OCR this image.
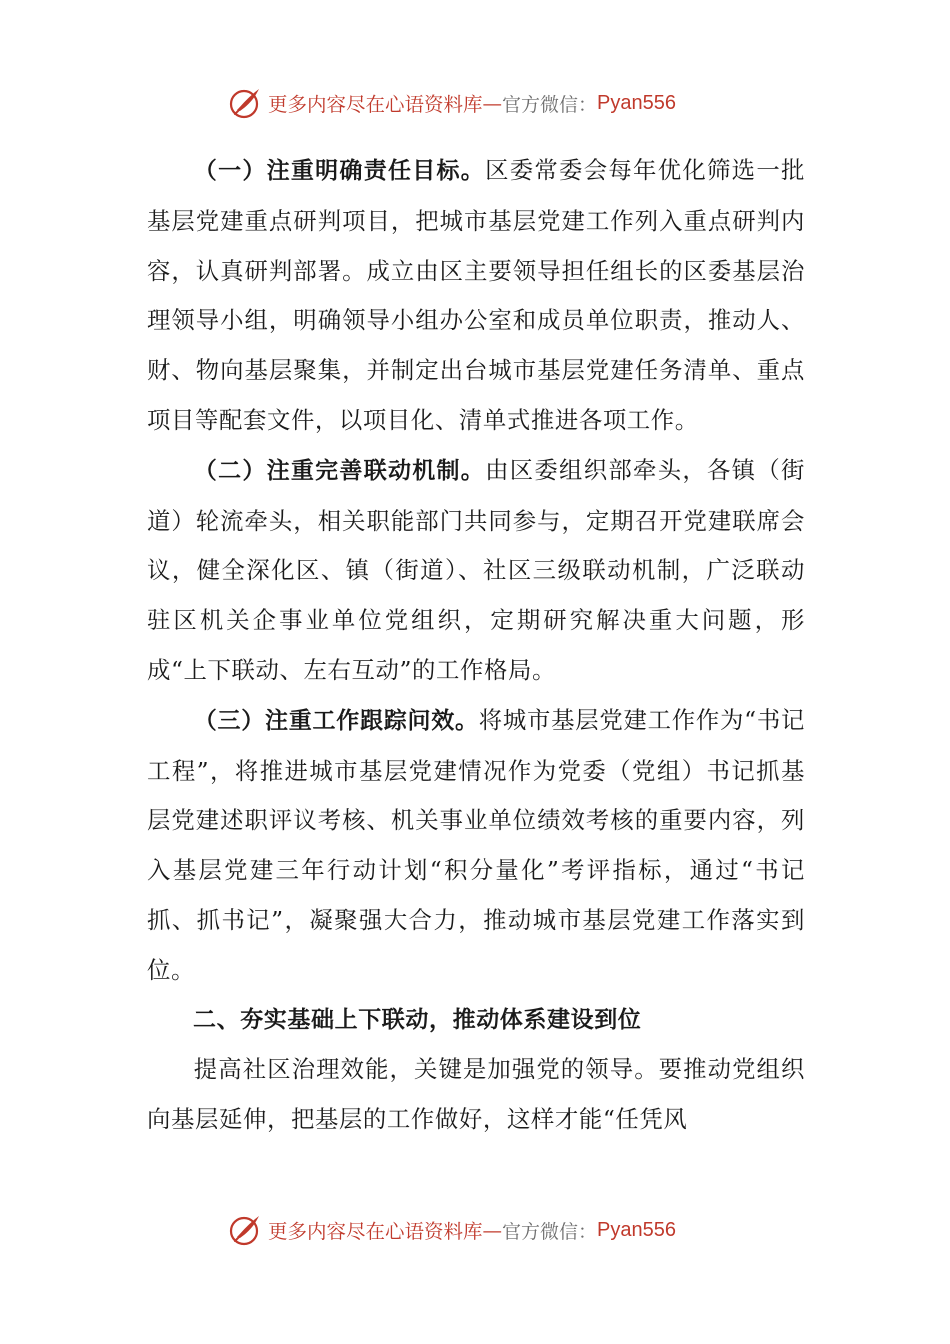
更多内容尽在心语资料库 — 官方微信： Pyan556

（一）注重明确责任目标。区委常委会每年优化筛选一批基层党建重点研判项目，把城市基层党建工作列入重点研判内容，认真研判部署。成立由区主要领导担任组长的区委基层治理领导小组，明确领导小组办公室和成员单位职责，推动人、财、物向基层聚集，并制定出台城市基层党建任务清单、重点项目等配套文件，以项目化、清单式推进各项工作。

（二）注重完善联动机制。由区委组织部牵头，各镇（街道）轮流牵头，相关职能部门共同参与，定期召开党建联席会议，健全深化区、镇（街道）、社区三级联动机制，广泛联动驻区机关企事业单位党组织，定期研究解决重大问题，形成“上下联动、左右互动”的工作格局。

（三）注重工作跟踪问效。将城市基层党建工作作为“书记工程”，将推进城市基层党建情况作为党委（党组）书记抓基层党建述职评议考核、机关事业单位绩效考核的重要内容，列入基层党建三年行动计划“积分量化”考评指标，通过“书记抓、抓书记”，凝聚强大合力，推动城市基层党建工作落实到位。

二、夯实基础上下联动，推动体系建设到位

提高社区治理效能，关键是加强党的领导。要推动党组织向基层延伸，把基层的工作做好，这样才能“任凭风

更多内容尽在心语资料库 — 官方微信： Pyan556
